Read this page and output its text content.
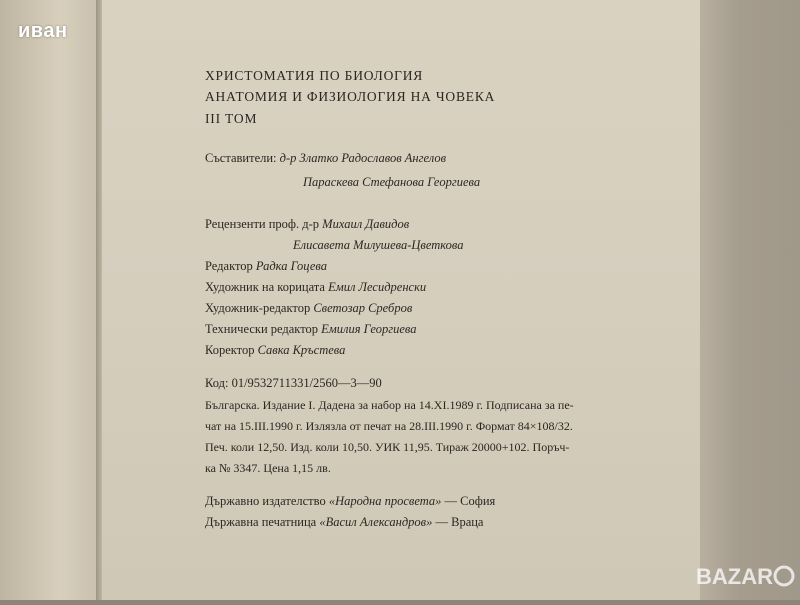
иван
ХРИСТОМАТИЯ ПО БИОЛОГИЯ
АНАТОМИЯ И ФИЗИОЛОГИЯ НА ЧОВЕКА
III ТОМ
Съставители: д-р Златко Радославов Ангелов
Параскева Стефанова Георгиева
Рецензенти проф. д-р Михаил Давидов
Елисавета Милушева-Цветкова
Редактор Радка Гоцева
Художник на корицата Емил Лесидренски
Художник-редактор Светозар Сребров
Технически редактор Емилия Георгиева
Коректор Савка Кръстева
Код: 01/9532711331/2560—3—90
Българска. Издание I. Дадена за набор на 14.XI.1989 г. Подписана за пе-
чат на 15.III.1990 г. Излязла от печат на 28.III.1990 г. Формат 84×108/32.
Печ. коли 12,50. Изд. коли 10,50. УИК 11,95. Тираж 20000+102. Поръч-
ка № 3347. Цена 1,15 лв.
Държавно издателство «Народна просвета» — София
Държавна печатница «Васил Александров» — Враца
BAZAR
